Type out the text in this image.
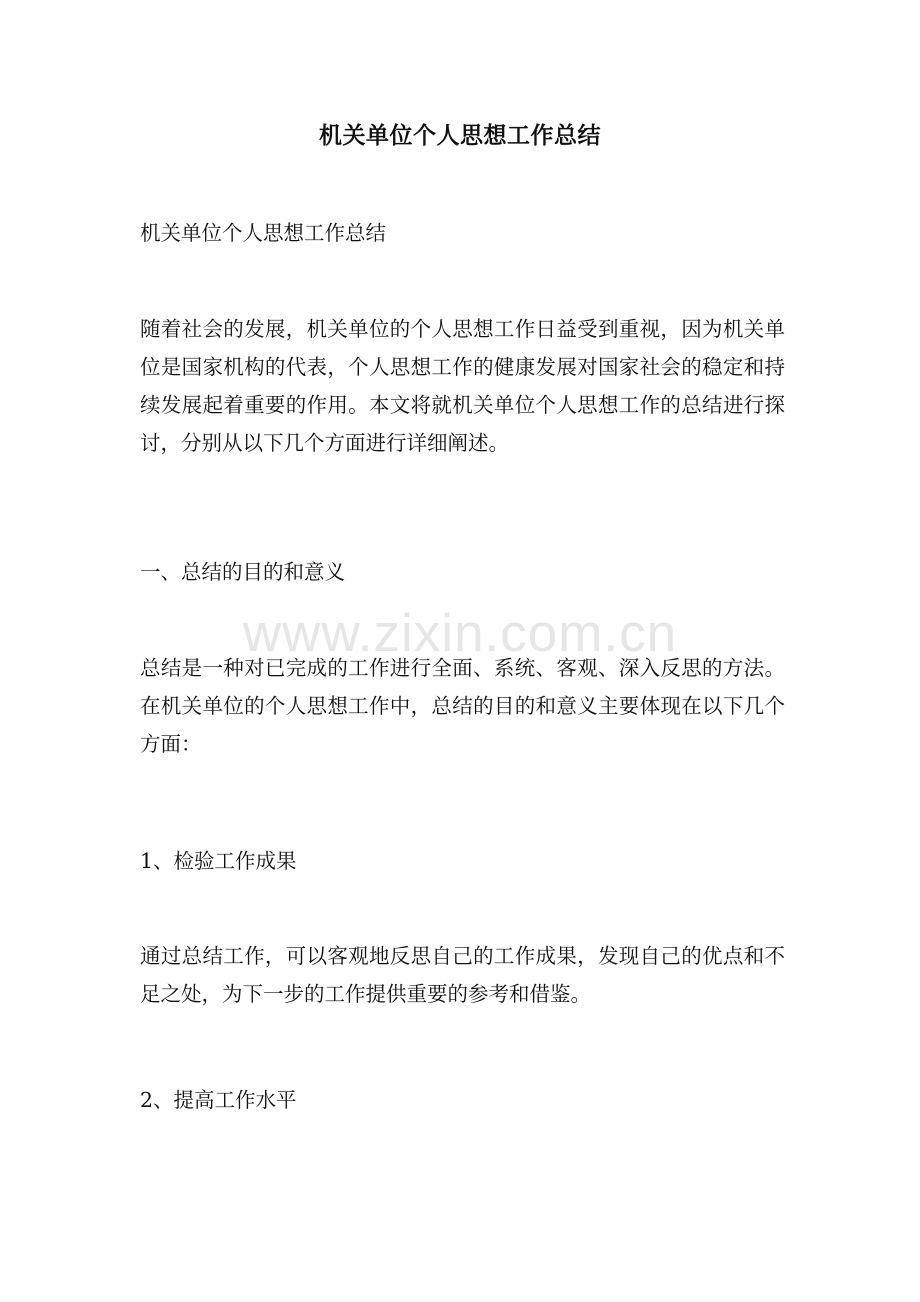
机关单位个人思想工作总结
机关单位个人思想工作总结
随着社会的发展，机关单位的个人思想工作日益受到重视，因为机关单位是国家机构的代表，个人思想工作的健康发展对国家社会的稳定和持续发展起着重要的作用。本文将就机关单位个人思想工作的总结进行探讨，分别从以下几个方面进行详细阐述。
一、总结的目的和意义
总结是一种对已完成的工作进行全面、系统、客观、深入反思的方法。在机关单位的个人思想工作中，总结的目的和意义主要体现在以下几个方面：
1、检验工作成果
通过总结工作，可以客观地反思自己的工作成果，发现自己的优点和不足之处，为下一步的工作提供重要的参考和借鉴。
2、提高工作水平
www.zixin.com.cn
